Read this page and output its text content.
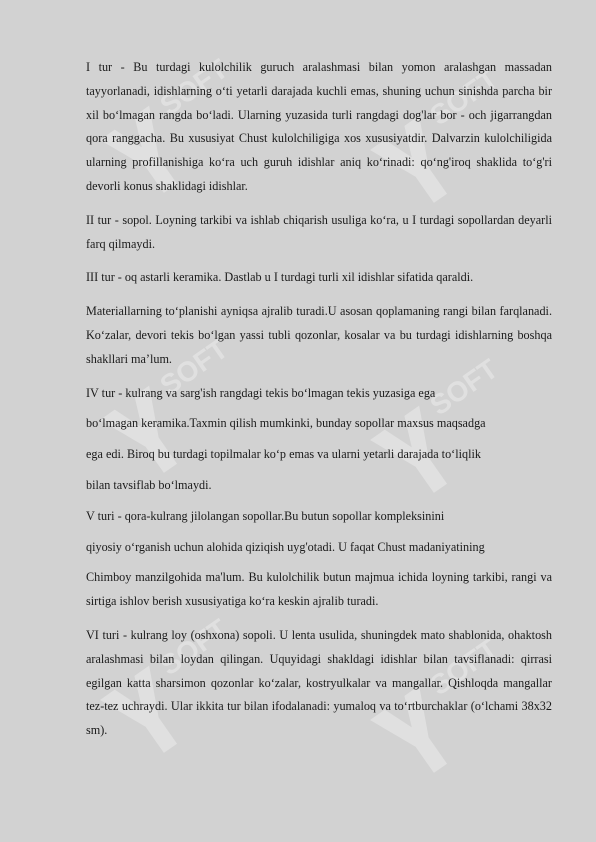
SOFT	SOFT
SOFT	SOFT
SOFT	SOFT

I tur - Bu turdagi kulolchilik guruch aralashmasi bilan yomon aralashgan massadan tayyorlanadi, idishlarning o‘ti yetarli darajada kuchli emas, shuning uchun sinishda parcha bir xil bo‘lmagan rangda bo‘ladi. Ularning yuzasida turli rangdagi dog'lar bor - och jigarrangdan qora ranggacha. Bu xususiyat Chust kulolchiligiga xos xususiyatdir. Dalvarzin kulolchiligida ularning profillanishiga ko‘ra uch guruh idishlar aniq ko‘rinadi: qo‘ng'iroq shaklida to‘g'ri devorli konus shaklidagi idishlar.

II tur - sopol. Loyning tarkibi va ishlab chiqarish usuliga ko‘ra, u I turdagi sopollardan deyarli farq qilmaydi.

III tur - oq astarli keramika. Dastlab u I turdagi turli xil idishlar sifatida qaraldi.

Materiallarning to‘planishi ayniqsa ajralib turadi.U asosan qoplamaning rangi bilan farqlanadi. Ko‘zalar, devori tekis bo‘lgan yassi tubli qozonlar, kosalar va bu turdagi idishlarning boshqa shakllari ma’lum.

IV tur - kulrang va sarg'ish rangdagi tekis bo‘lmagan tekis yuzasiga ega

bo‘lmagan keramika.Taxmin qilish mumkinki, bunday sopollar maxsus maqsadga

ega edi. Biroq bu turdagi topilmalar ko‘p emas va ularni yetarli darajada to‘liqlik

bilan tavsiflab bo‘lmaydi.

V turi - qora-kulrang jilolangan sopollar.Bu butun sopollar kompleksinini

qiyosiy o‘rganish uchun alohida qiziqish uyg'otadi. U faqat Chust madaniyatining

Chimboy manzilgohida ma'lum. Bu kulolchilik butun majmua ichida loyning tarkibi, rangi va sirtiga ishlov berish xususiyatiga ko‘ra keskin ajralib turadi.

VI turi - kulrang loy (oshxona) sopoli. U lenta usulida, shuningdek mato shablonida, ohaktosh aralashmasi bilan loydan qilingan. Uquyidagi shakldagi idishlar bilan tavsiflanadi: qirrasi egilgan katta sharsimon qozonlar ko‘zalar, kostryulkalar va mangallar. Qishloqda mangallar tez-tez uchraydi. Ular ikkita tur bilan ifodalanadi: yumaloq va to‘rtburchaklar (o‘lchami 38x32 sm).
